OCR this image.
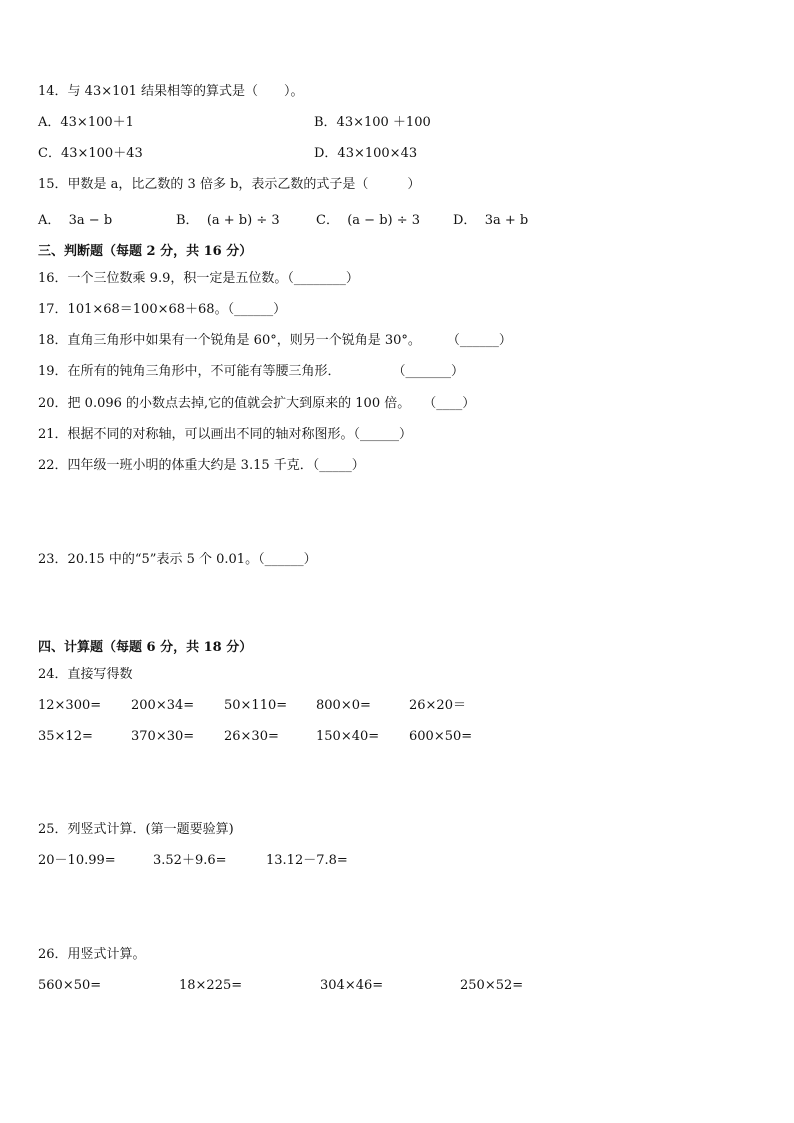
14．与 43×101 结果相等的算式是（　　）。
A．43×100＋1	B．43×100 ＋100
C．43×100＋43	D．43×100×43
15．甲数是 a，比乙数的 3 倍多 b，表示乙数的式子是（　　　）
A．  3a − b	B．  (a + b) ÷ 3	C．  (a − b) ÷ 3	D．  3a + b
三、判断题（每题 2 分，共 16 分）
16．一个三位数乘 9.9，积一定是五位数。（________）
17．101×68＝100×68＋68。（______）
18．直角三角形中如果有一个锐角是 60°，则另一个锐角是 30°。　　　（______）
19．在所有的钝角三角形中，不可能有等腰三角形．　　　　　（_______）
20．把 0.096 的小数点去掉,它的值就会扩大到原来的 100 倍。　　（____）
21．根据不同的对称轴，可以画出不同的轴对称图形。（______）
22．四年级一班小明的体重大约是 3.15 千克．（_____）
23．20.15 中的“5”表示 5 个 0.01。（______）
四、计算题（每题 6 分，共 18 分）
24．直接写得数
12×300= 200×34= 50×110= 800×0=	26×20＝
35×12=	370×30= 26×30=	150×40= 600×50=
25．列竖式计算．(第一题要验算)
20－10.99=	3.52＋9.6=	13.12－7.8=
26．用竖式计算。
560×50=	18×225=	304×46=	250×52=
